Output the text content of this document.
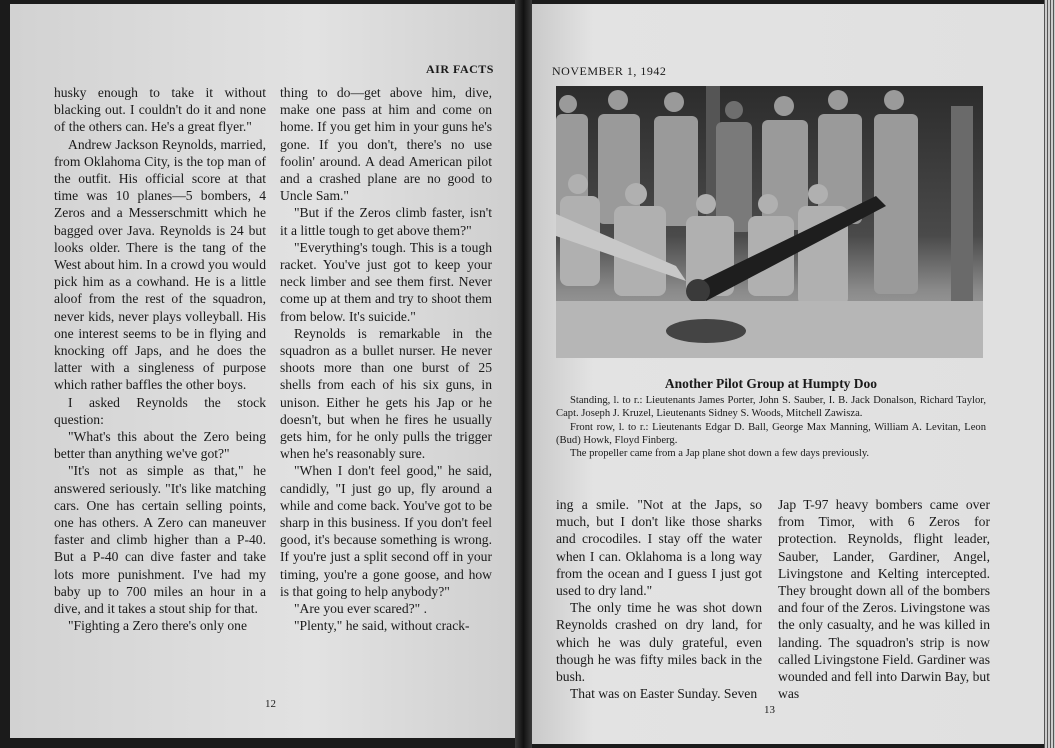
AIR FACTS

husky enough to take it without blacking out. I couldn't do it and none of the others can. He's a great flyer."

Andrew Jackson Reynolds, married, from Oklahoma City, is the top man of the outfit. His official score at that time was 10 planes—5 bombers, 4 Zeros and a Messerschmitt which he bagged over Java. Reynolds is 24 but looks older. There is the tang of the West about him. In a crowd you would pick him as a cowhand. He is a little aloof from the rest of the squadron, never kids, never plays volleyball. His one interest seems to be in flying and knocking off Japs, and he does the latter with a singleness of purpose which rather baffles the other boys.

I asked Reynolds the stock question:

"What's this about the Zero being better than anything we've got?"

"It's not as simple as that," he answered seriously. "It's like matching cars. One has certain selling points, one has others. A Zero can maneuver faster and climb higher than a P-40. But a P-40 can dive faster and take lots more punishment. I've had my baby up to 700 miles an hour in a dive, and it takes a stout ship for that.

"Fighting a Zero there's only one

thing to do—get above him, dive, make one pass at him and come on home. If you get him in your guns he's gone. If you don't, there's no use foolin' around. A dead American pilot and a crashed plane are no good to Uncle Sam."

"But if the Zeros climb faster, isn't it a little tough to get above them?"

"Everything's tough. This is a tough racket. You've just got to keep your neck limber and see them first. Never come up at them and try to shoot them from below. It's suicide."

Reynolds is remarkable in the squadron as a bullet nurser. He never shoots more than one burst of 25 shells from each of his six guns, in unison. Either he gets his Jap or he doesn't, but when he fires he usually gets him, for he only pulls the trigger when he's reasonably sure.

"When I don't feel good," he said, candidly, "I just go up, fly around a while and come back. You've got to be sharp in this business. If you don't feel good, it's because something is wrong. If you're just a split second off in your timing, you're a gone goose, and how is that going to help anybody?"

"Are you ever scared?" .

"Plenty," he said, without crack-

12
NOVEMBER 1, 1942
Another Pilot Group at Humpty Doo

Standing, l. to r.: Lieutenants James Porter, John S. Sauber, I. B. Jack Donalson, Richard Taylor, Capt. Joseph J. Kruzel, Lieutenants Sidney S. Woods, Mitchell Zawisza.

Front row, l. to r.: Lieutenants Edgar D. Ball, George Max Manning, William A. Levitan, Leon (Bud) Howk, Floyd Finberg.

The propeller came from a Jap plane shot down a few days previously.

ing a smile. "Not at the Japs, so much, but I don't like those sharks and crocodiles. I stay off the water when I can. Oklahoma is a long way from the ocean and I guess I just got used to dry land."

The only time he was shot down Reynolds crashed on dry land, for which he was duly grateful, even though he was fifty miles back in the bush.

That was on Easter Sunday. Seven

Jap T-97 heavy bombers came over from Timor, with 6 Zeros for protection. Reynolds, flight leader, Sauber, Lander, Gardiner, Angel, Livingstone and Kelting intercepted. They brought down all of the bombers and four of the Zeros. Livingstone was the only casualty, and he was killed in landing. The squadron's strip is now called Livingstone Field. Gardiner was wounded and fell into Darwin Bay, but was

13
